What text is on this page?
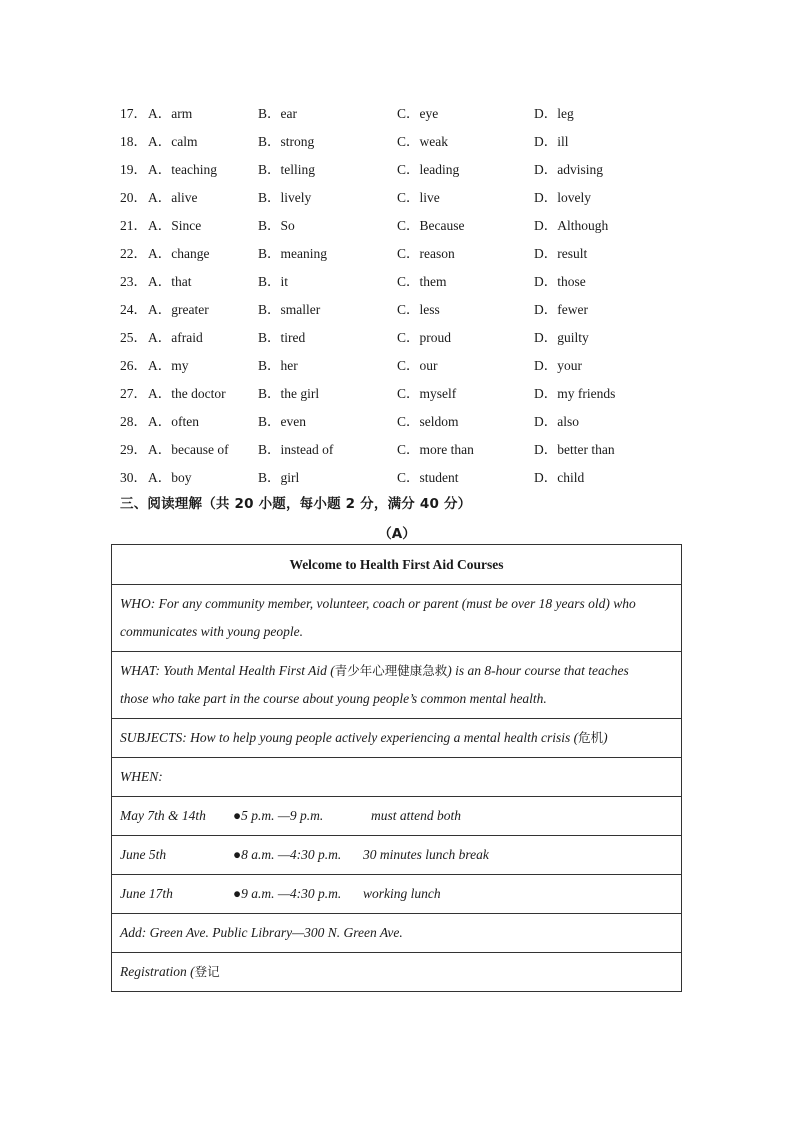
17． A．arm	B．ear	C．eye	D．leg
18． A．calm	B．strong	C．weak	D．ill
19． A．teaching	B．telling	C．leading	D．advising
20． A．alive	B．lively	C．live	D．lovely
21． A．Since	B．So	C．Because	D．Although
22． A．change	B．meaning	C．reason	D．result
23． A．that	B．it	C．them	D．those
24． A．greater	B．smaller	C．less	D．fewer
25． A．afraid	B．tired	C．proud	D．guilty
26． A．my	B．her	C．our	D．your
27． A．the doctor B．the girl	C．myself	D．my friends
28． A．often	B．even	C．seldom	D．also
29． A．because of B．instead of	C．more than	D．better than
30． A．boy	B．girl	C．student	D．child
三、阅读理解（共 20 小题，每小题 2 分，满分 40 分）
（A）
Welcome to Health First Aid Courses
WHO: For any community member, volunteer, coach or parent (must be over 18 years old) who
communicates with young people.
WHAT: Youth Mental Health First Aid (青少年心理健康急救) is an 8-hour course that teaches
those who take part in the course about young people’s common mental health.
SUBJECTS: How to help young people actively experiencing a mental health crisis ( 危机 )
WHEN:
May 7th & 14th	●5 p.m. —9 p.m.	must attend both
June 5th	●8 a.m. —4:30 p.m.	30 minutes lunch break
June 17th	●9 a.m. —4:30 p.m.	working lunch
Add: Green Ave. Public Library—300 N. Green Ave.
Registration ( 登记
